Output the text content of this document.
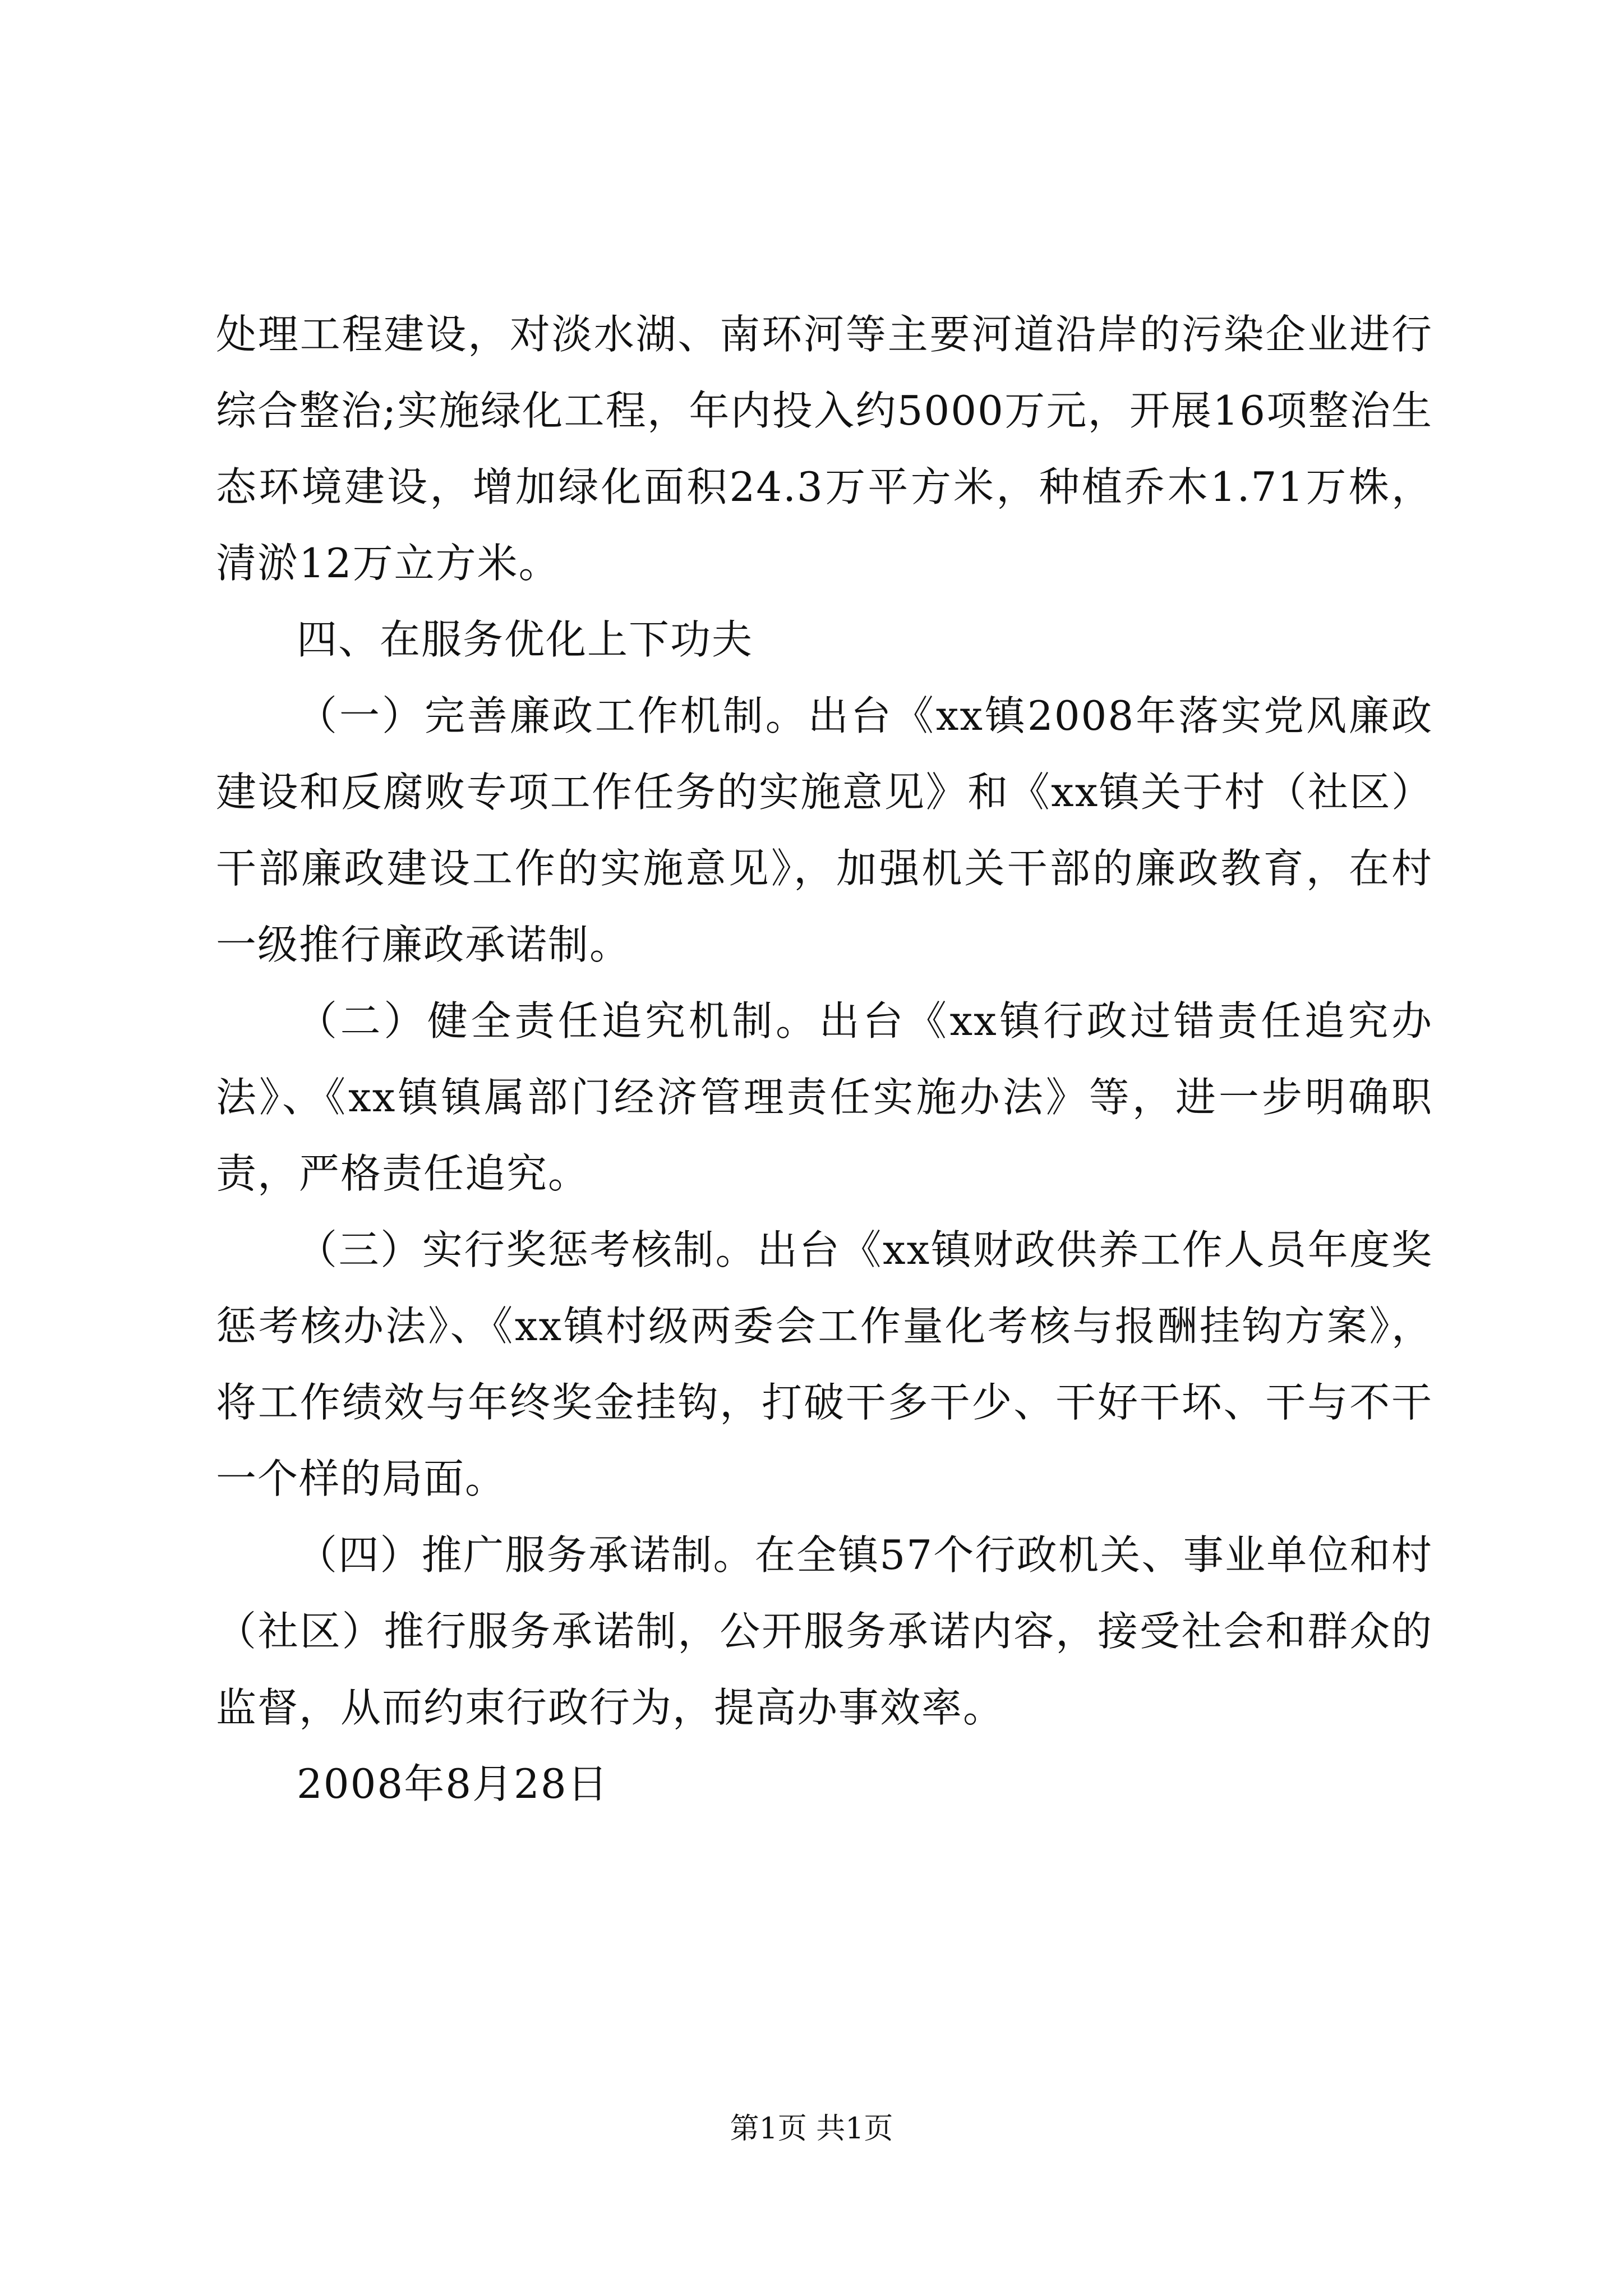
处理工程建设，对淡水湖、南环河等主要河道沿岸的污染企业进行综合整治;实施绿化工程，年内投入约5000万元，开展16项整治生态环境建设，增加绿化面积24.3万平方米，种植乔木1.71万株，清淤12万立方米。

四、在服务优化上下功夫

（一）完善廉政工作机制。出台《xx镇2008年落实党风廉政建设和反腐败专项工作任务的实施意见》和《xx镇关于村（社区）干部廉政建设工作的实施意见》，加强机关干部的廉政教育，在村一级推行廉政承诺制。

（二）健全责任追究机制。出台《xx镇行政过错责任追究办法》、《xx镇镇属部门经济管理责任实施办法》等，进一步明确职责，严格责任追究。

（三）实行奖惩考核制。出台《xx镇财政供养工作人员年度奖惩考核办法》、《xx镇村级两委会工作量化考核与报酬挂钩方案》，将工作绩效与年终奖金挂钩，打破干多干少、干好干坏、干与不干一个样的局面。

（四）推广服务承诺制。在全镇57个行政机关、事业单位和村（社区）推行服务承诺制，公开服务承诺内容，接受社会和群众的监督，从而约束行政行为，提高办事效率。

2008年8月28日

第1页 共1页
